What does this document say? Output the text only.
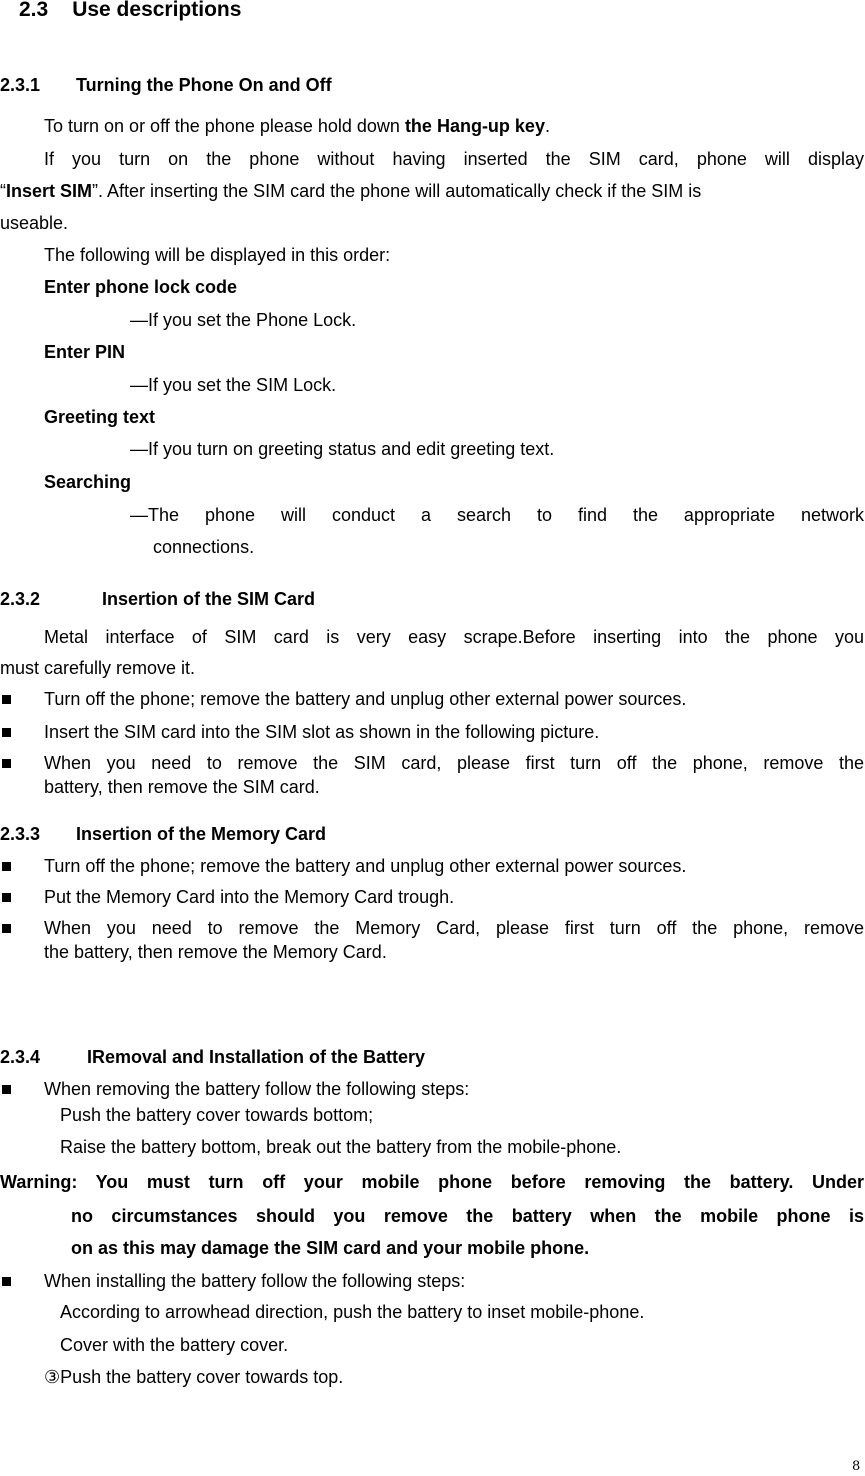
2.3 Use descriptions
2.3.1 Turning the Phone On and Off
To turn on or off the phone please hold down the Hang-up key.
If you turn on the phone without having inserted the SIM card, phone will display
“Insert SIM”. After inserting the SIM card the phone will automatically check if the SIM is
useable.
The following will be displayed in this order:
Enter phone lock code
—If you set the Phone Lock.
Enter PIN
—If you set the SIM Lock.
Greeting text
—If you turn on greeting status and edit greeting text.
Searching
—The phone will conduct a search to find the appropriate network
connections.
2.3.2	Insertion of the SIM Card
Metal interface of SIM card is very easy scrape.Before inserting into the phone you
must carefully remove it.
Turn off the phone; remove the battery and unplug other external power sources.
Insert the SIM card into the SIM slot as shown in the following picture.
When you need to remove the SIM card, please first turn off the phone, remove the
battery, then remove the SIM card.
2.3.3 Insertion of the Memory Card
Turn off the phone; remove the battery and unplug other external power sources.
Put the Memory Card into the Memory Card trough.
When you need to remove the Memory Card, please first turn off the phone, remove
the battery, then remove the Memory Card.
2.3.4	IRemoval and Installation of the Battery
When removing the battery follow the following steps:
Push the battery cover towards bottom;
Raise the battery bottom, break out the battery from the mobile-phone.
Warning: You must turn off your mobile phone before removing the battery. Under
no circumstances should you remove the battery when the mobile phone is
on as this may damage the SIM card and your mobile phone.
When installing the battery follow the following steps:
According to arrowhead direction, push the battery to inset mobile-phone.
Cover with the battery cover.
③Push the battery cover towards top.
8
